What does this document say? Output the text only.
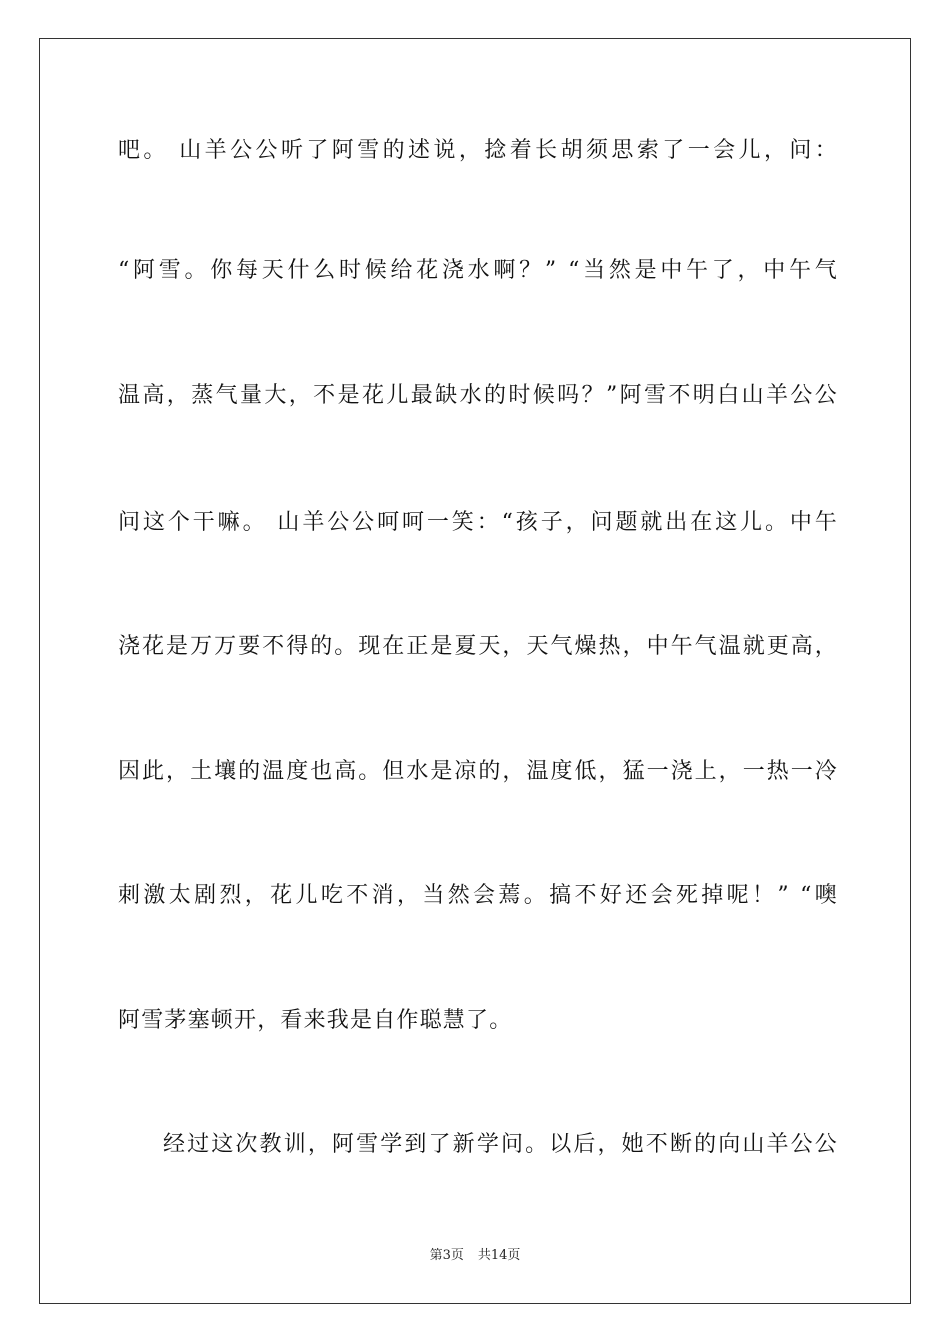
吧。 山羊公公听了阿雪的述说，捻着长胡须思索了一会儿，问：
“阿雪。你每天什么时候给花浇水啊？” “当然是中午了，中午气
温高，蒸气量大，不是花儿最缺水的时候吗？”阿雪不明白山羊公公
问这个干嘛。 山羊公公呵呵一笑：“孩子，问题就出在这儿。中午
浇花是万万要不得的。现在正是夏天，天气燥热，中午气温就更高，
因此，土壤的温度也高。但水是凉的，温度低，猛一浇上，一热一冷
刺激太剧烈，花儿吃不消，当然会蔫。搞不好还会死掉呢！” “噢
阿雪茅塞顿开，看来我是自作聪慧了。
经过这次教训，阿雪学到了新学问。以后，她不断的向山羊公公
第3页 共14页
